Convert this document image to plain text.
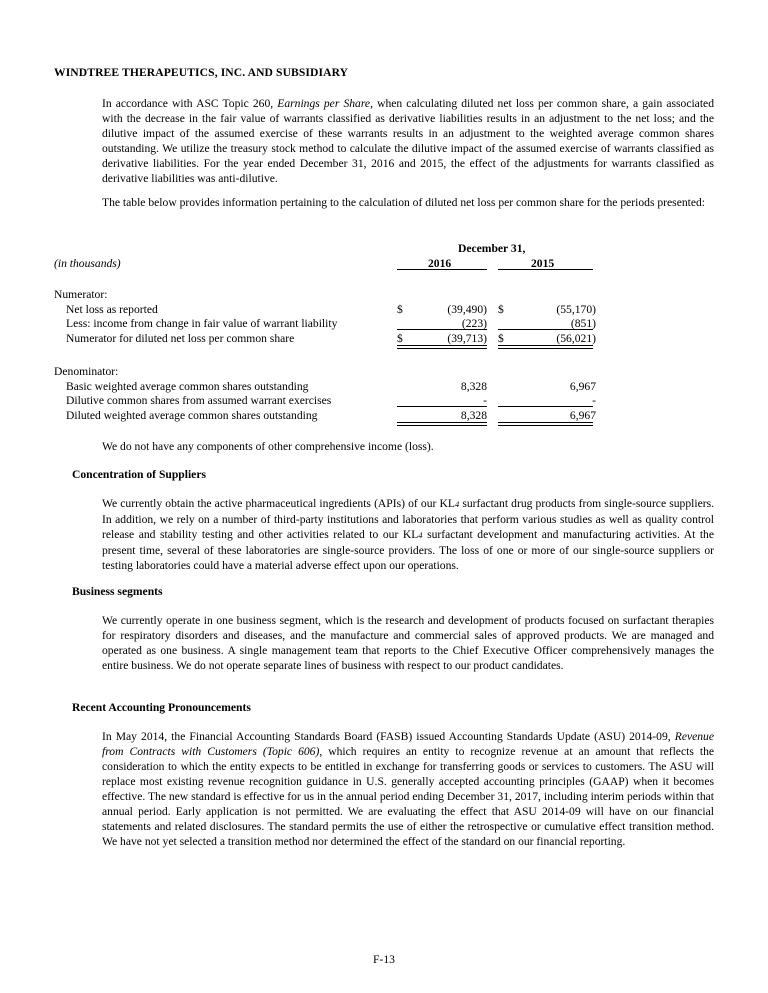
WINDTREE THERAPEUTICS, INC. AND SUBSIDIARY

In accordance with ASC Topic 260, Earnings per Share, when calculating diluted net loss per common share, a gain associated with the decrease in the fair value of warrants classified as derivative liabilities results in an adjustment to the net loss; and the dilutive impact of the assumed exercise of these warrants results in an adjustment to the weighted average common shares outstanding. We utilize the treasury stock method to calculate the dilutive impact of the assumed exercise of warrants classified as derivative liabilities. For the year ended December 31, 2016 and 2015, the effect of the adjustments for warrants classified as derivative liabilities was anti-dilutive.

The table below provides information pertaining to the calculation of diluted net loss per common share for the periods presented:

December 31,
(in thousands)	2016	2015
Numerator:
Net loss as reported	$	(39,490) $	(55,170)
Less: income from change in fair value of warrant liability	(223)	(851)
Numerator for diluted net loss per common share	$	(39,713) $	(56,021)
Denominator:
Basic weighted average common shares outstanding	8,328	6,967
Dilutive common shares from assumed warrant exercises	-	-
Diluted weighted average common shares outstanding	8,328	6,967

We do not have any components of other comprehensive income (loss).

Concentration of Suppliers

We currently obtain the active pharmaceutical ingredients (APIs) of our KL4 surfactant drug products from single-source suppliers. In addition, we rely on a number of third-party institutions and laboratories that perform various studies as well as quality control release and stability testing and other activities related to our KL4 surfactant development and manufacturing activities. At the present time, several of these laboratories are single-source providers. The loss of one or more of our single-source suppliers or testing laboratories could have a material adverse effect upon our operations.

Business segments

We currently operate in one business segment, which is the research and development of products focused on surfactant therapies for respiratory disorders and diseases, and the manufacture and commercial sales of approved products. We are managed and operated as one business. A single management team that reports to the Chief Executive Officer comprehensively manages the entire business. We do not operate separate lines of business with respect to our product candidates.

Recent Accounting Pronouncements

In May 2014, the Financial Accounting Standards Board (FASB) issued Accounting Standards Update (ASU) 2014-09, Revenue from Contracts with Customers (Topic 606), which requires an entity to recognize revenue at an amount that reflects the consideration to which the entity expects to be entitled in exchange for transferring goods or services to customers. The ASU will replace most existing revenue recognition guidance in U.S. generally accepted accounting principles (GAAP) when it becomes effective. The new standard is effective for us in the annual period ending December 31, 2017, including interim periods within that annual period. Early application is not permitted. We are evaluating the effect that ASU 2014-09 will have on our financial statements and related disclosures. The standard permits the use of either the retrospective or cumulative effect transition method. We have not yet selected a transition method nor determined the effect of the standard on our financial reporting.

F-13
